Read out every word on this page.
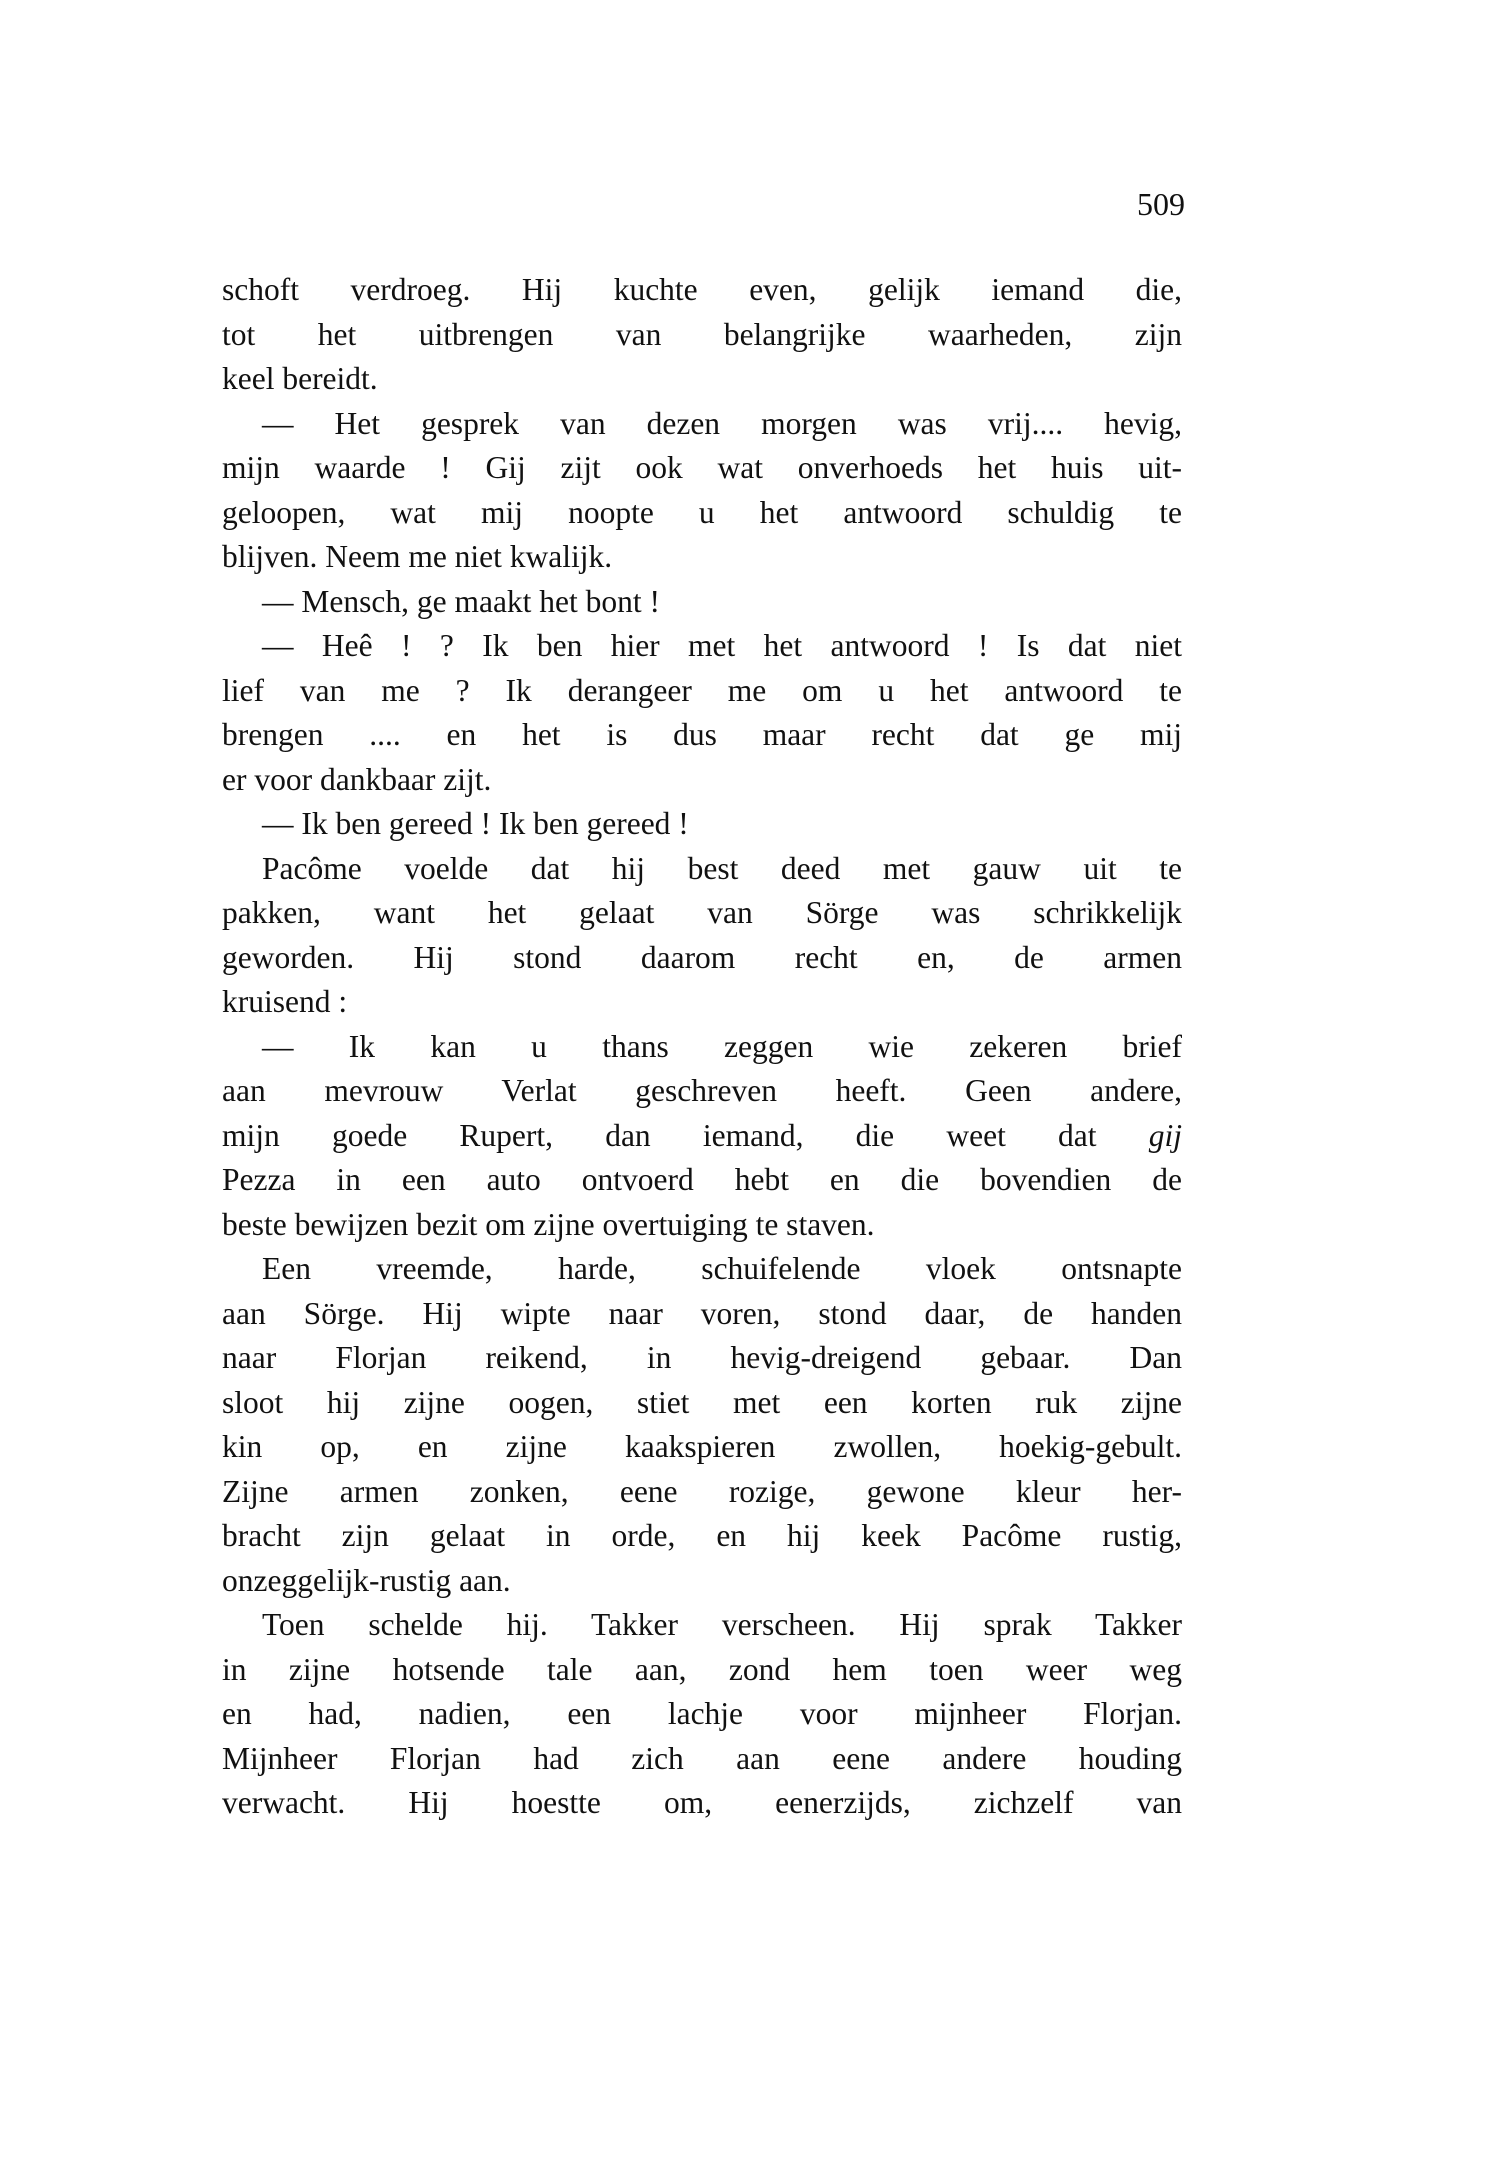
509
schoft verdroeg. Hij kuchte even, gelijk iemand die,
tot het uitbrengen van belangrijke waarheden, zijn
keel bereidt.
— Het gesprek van dezen morgen was vrij.... hevig,
mijn waarde ! Gij zijt ook wat onverhoeds het huis uit-
geloopen, wat mij noopte u het antwoord schuldig te
blijven. Neem me niet kwalijk.
— Mensch, ge maakt het bont !
— Heê ! ? Ik ben hier met het antwoord ! Is dat niet
lief van me ? Ik derangeer me om u het antwoord te
brengen .... en het is dus maar recht dat ge mij
er voor dankbaar zijt.
— Ik ben gereed ! Ik ben gereed !
Pacôme voelde dat hij best deed met gauw uit te
pakken, want het gelaat van Sörge was schrikkelijk
geworden. Hij stond daarom recht en, de armen
kruisend :
— Ik kan u thans zeggen wie zekeren brief
aan mevrouw Verlat geschreven heeft. Geen andere,
mijn goede Rupert, dan iemand, die weet dat gij
Pezza in een auto ontvoerd hebt en die bovendien de
beste bewijzen bezit om zijne overtuiging te staven.
Een vreemde, harde, schuifelende vloek ontsnapte
aan Sörge. Hij wipte naar voren, stond daar, de handen
naar Florjan reikend, in hevig-dreigend gebaar. Dan
sloot hij zijne oogen, stiet met een korten ruk zijne
kin op, en zijne kaakspieren zwollen, hoekig-gebult.
Zijne armen zonken, eene rozige, gewone kleur her-
bracht zijn gelaat in orde, en hij keek Pacôme rustig,
onzeggelijk-rustig aan.
Toen schelde hij. Takker verscheen. Hij sprak Takker
in zijne hotsende tale aan, zond hem toen weer weg
en had, nadien, een lachje voor mijnheer Florjan.
Mijnheer Florjan had zich aan eene andere houding
verwacht. Hij hoestte om, eenerzijds, zichzelf van
